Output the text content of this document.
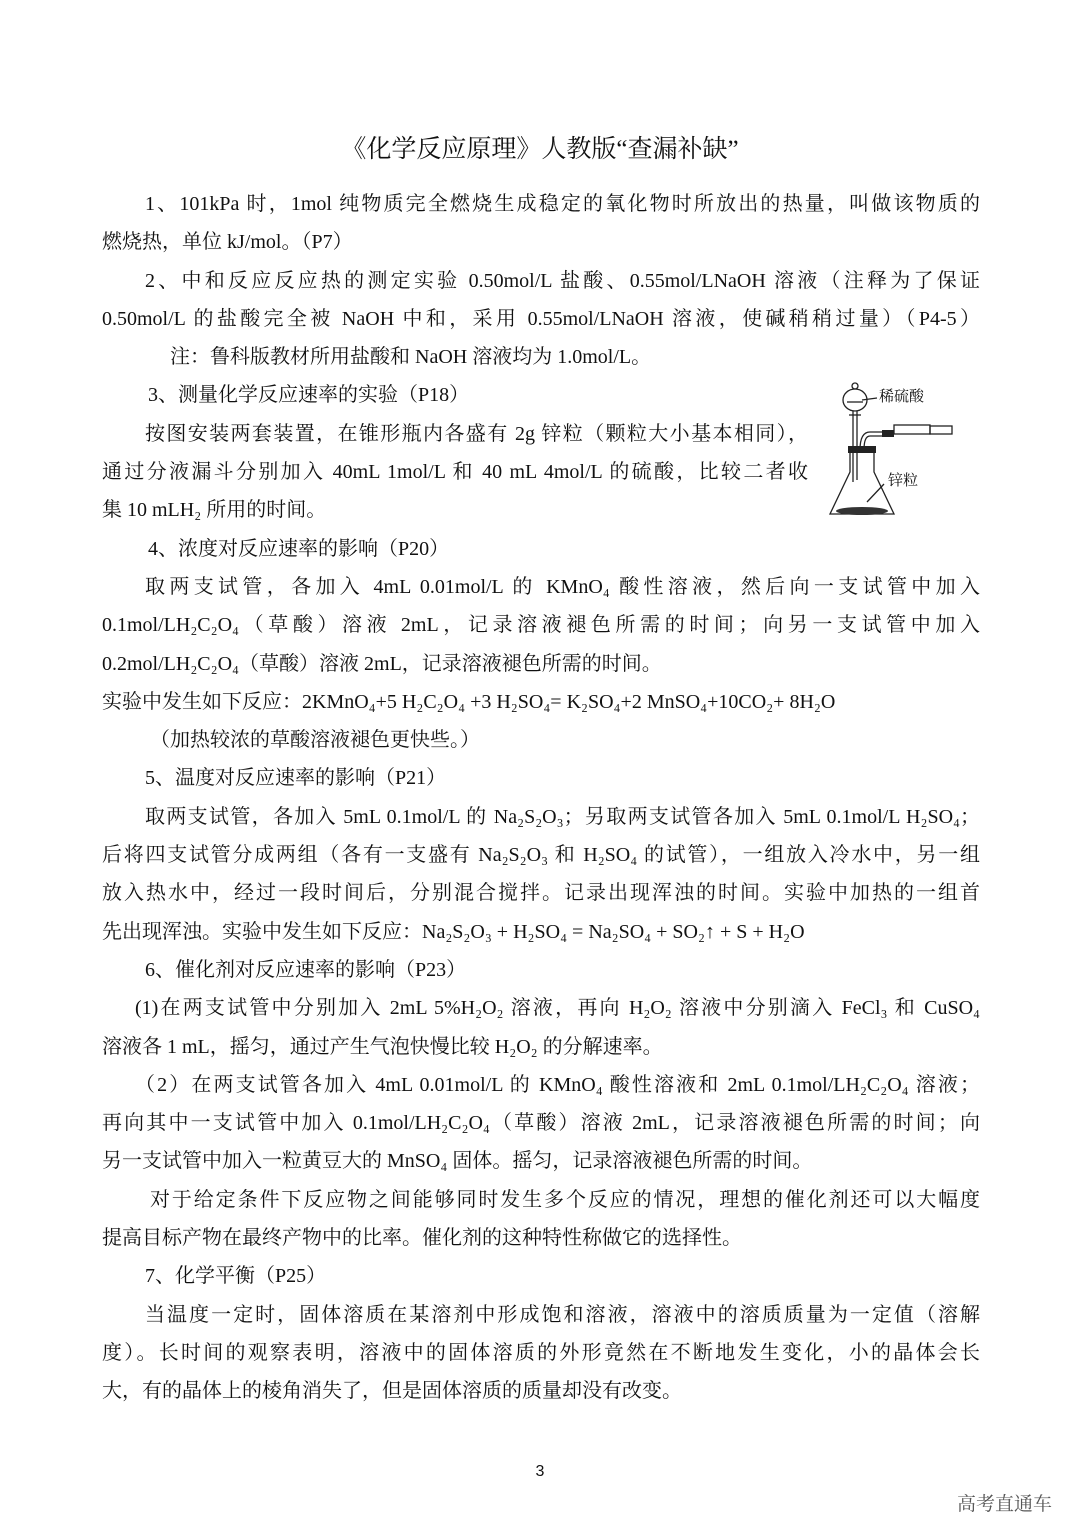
《化学反应原理》人教版“查漏补缺”
1、101kPa 时，1mol 纯物质完全燃烧生成稳定的氧化物时所放出的热量，叫做该物质的
燃烧热，单位 kJ/mol。（P7）
2、中和反应反应热的测定实验 0.50mol/L 盐酸、0.55mol/LNaOH 溶液（注释为了保证
0.50mol/L 的盐酸完全被 NaOH 中和，采用 0.55mol/LNaOH 溶液，使碱稍稍过量）（P4-5）
注：鲁科版教材所用盐酸和 NaOH 溶液均为 1.0mol/L。
3、测量化学反应速率的实验（P18）
按图安装两套装置，在锥形瓶内各盛有 2g 锌粒（颗粒大小基本相同），
通过分液漏斗分别加入 40mL 1mol/L 和 40 mL 4mol/L 的硫酸，比较二者收
集 10 mLH₂ 所用的时间。
4、浓度对反应速率的影响（P20）
取两支试管，各加入 4mL 0.01mol/L 的 KMnO₄ 酸性溶液，然后向一支试管中加入
0.1mol/LH₂C₂O₄（草酸）溶液 2mL，记录溶液褪色所需的时间；向另一支试管中加入
0.2mol/LH₂C₂O₄（草酸）溶液 2mL，记录溶液褪色所需的时间。
实验中发生如下反应：2KMnO₄+5 H₂C₂O₄ +3 H₂SO₄= K₂SO₄+2 MnSO₄+10CO₂+ 8H₂O
（加热较浓的草酸溶液褪色更快些。）
5、温度对反应速率的影响（P21）
取两支试管，各加入 5mL 0.1mol/L 的 Na₂S₂O₃；另取两支试管各加入 5mL 0.1mol/L H₂SO₄；
后将四支试管分成两组（各有一支盛有 Na₂S₂O₃ 和 H₂SO₄ 的试管），一组放入冷水中，另一组
放入热水中，经过一段时间后，分别混合搅拌。记录出现浑浊的时间。实验中加热的一组首
先出现浑浊。实验中发生如下反应：Na₂S₂O₃ + H₂SO₄ = Na₂SO₄ + SO₂↑ + S + H₂O
6、催化剂对反应速率的影响（P23）
(1)在两支试管中分别加入 2mL 5%H₂O₂ 溶液，再向 H₂O₂ 溶液中分别滴入 FeCl₃ 和 CuSO₄
溶液各 1 mL，摇匀，通过产生气泡快慢比较 H₂O₂ 的分解速率。
（2）在两支试管各加入 4mL 0.01mol/L 的 KMnO₄ 酸性溶液和 2mL 0.1mol/LH₂C₂O₄ 溶液；
再向其中一支试管中加入 0.1mol/LH₂C₂O₄（草酸）溶液 2mL，记录溶液褪色所需的时间；向
另一支试管中加入一粒黄豆大的 MnSO₄ 固体。摇匀，记录溶液褪色所需的时间。
对于给定条件下反应物之间能够同时发生多个反应的情况，理想的催化剂还可以大幅度
提高目标产物在最终产物中的比率。催化剂的这种特性称做它的选择性。
7、化学平衡（P25）
当温度一定时，固体溶质在某溶剂中形成饱和溶液，溶液中的溶质质量为一定值（溶解
度）。长时间的观察表明，溶液中的固体溶质的外形竟然在不断地发生变化，小的晶体会长
大，有的晶体上的棱角消失了，但是固体溶质的质量却没有改变。
稀硫酸
锌粒
3
高考直通车
